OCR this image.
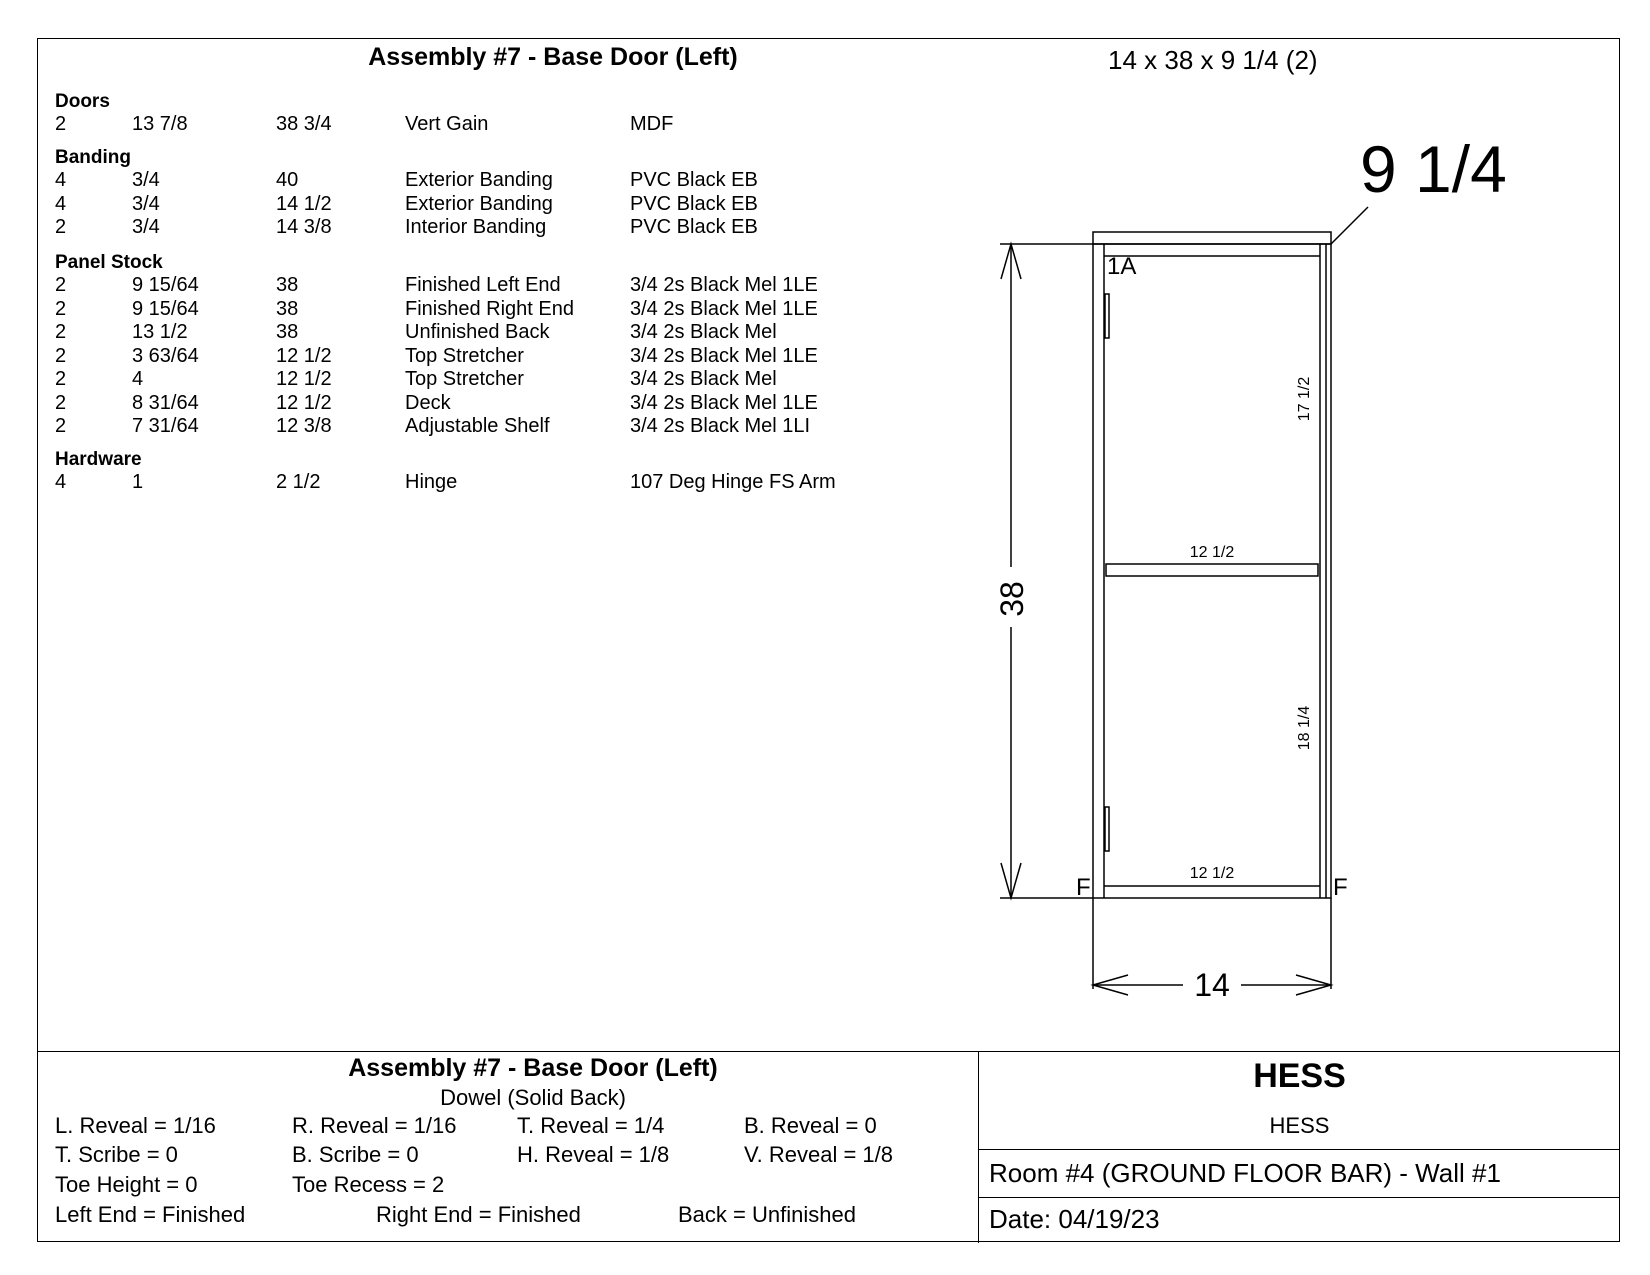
Assembly #7 - Base Door (Left)	14 x 38 x 9 1/4 (2)
Doors
2	13 7/8	38 3/4	Vert Gain	MDF
Banding
4	3/4	40	Exterior Banding	PVC Black EB
4	3/4	14 1/2	Exterior Banding	PVC Black EB
2	3/4	14 3/8	Interior Banding	PVC Black EB
Panel Stock
2	9 15/64	38	Finished Left End	3/4 2s Black Mel 1LE
2	9 15/64	38	Finished Right End	3/4 2s Black Mel 1LE
2	13 1/2	38	Unfinished Back	3/4 2s Black Mel
2	3 63/64	12 1/2	Top Stretcher	3/4 2s Black Mel 1LE
2	4	12 1/2	Top Stretcher	3/4 2s Black Mel
2	8 31/64	12 1/2	Deck	3/4 2s Black Mel 1LE
2	7 31/64	12 3/8	Adjustable Shelf	3/4 2s Black Mel 1LI
Hardware
4	1	2 1/2	Hinge	107 Deg Hinge FS Arm
9 1/4
38
14
17 1/2
18 1/4
12 1/2
12 1/2
1A
F	F
Assembly #7 - Base Door (Left)
Dowel (Solid Back)
L. Reveal = 1/16	R. Reveal = 1/16	T. Reveal = 1/4	B. Reveal = 0
T. Scribe = 0	B. Scribe = 0	H. Reveal = 1/8	V. Reveal = 1/8
Toe Height = 0	Toe Recess = 2
Left End = Finished	Right End = Finished	Back = Unfinished
HESS
HESS
Room #4 (GROUND FLOOR BAR) - Wall #1
Date: 04/19/23
